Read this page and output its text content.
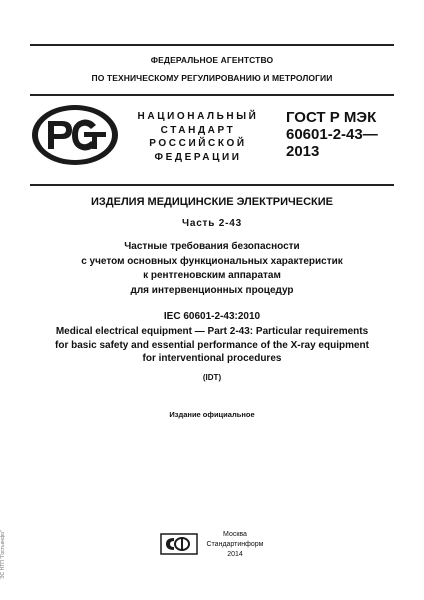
ФЕДЕРАЛЬНОЕ АГЕНТСТВО
ПО ТЕХНИЧЕСКОМУ РЕГУЛИРОВАНИЮ И МЕТРОЛОГИИ
НАЦИОНАЛЬНЫЙ
СТАНДАРТ
РОССИЙСКОЙ
ФЕДЕРАЦИИ
ГОСТ Р МЭК
60601-2-43—
2013
ИЗДЕЛИЯ МЕДИЦИНСКИЕ ЭЛЕКТРИЧЕСКИЕ
Часть 2-43
Частные требования безопасности
с учетом основных функциональных характеристик
к рентгеновским аппаратам
для интервенционных процедур
IEC 60601-2-43:2010
Medical electrical equipment — Part 2-43: Particular requirements
for basic safety and essential performance of the X-ray equipment
for interventional procedures
(IDT)
Издание официальное
Москва
Стандартинформ
2014
ЭС НТП "Гостьинфо"
